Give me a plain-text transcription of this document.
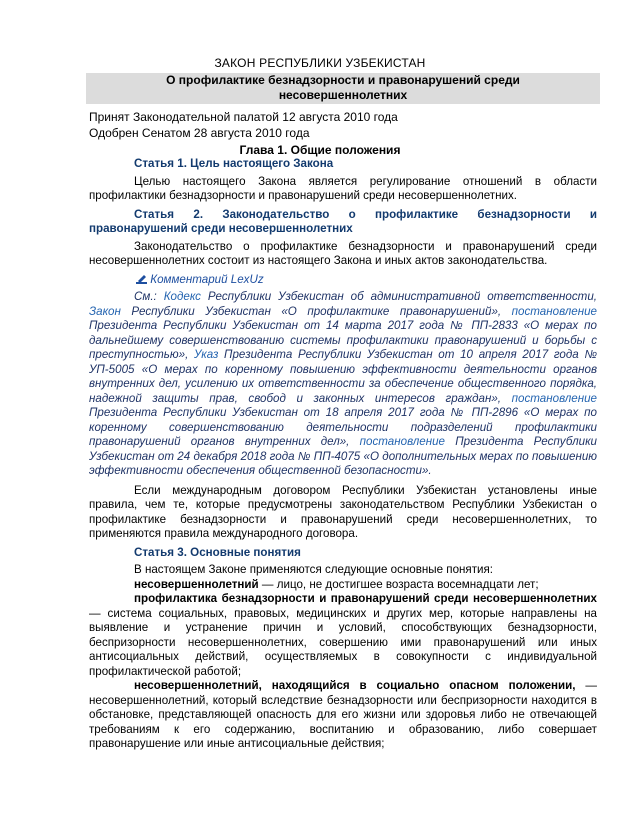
ЗАКОН РЕСПУБЛИКИ УЗБЕКИСТАН
О профилактике безнадзорности и правонарушений среди
несовершеннолетних
Принят Законодательной палатой 12 августа 2010 года
Одобрен Сенатом 28 августа 2010 года
Глава 1. Общие положения

Статья 1. Цель настоящего Закона

Целью настоящего Закона является регулирование отношений в области профилактики безнадзорности и правонарушений среди несовершеннолетних.

Статья 2. Законодательство о профилактике безнадзорности и правонарушений среди несовершеннолетних

Законодательство о профилактике безнадзорности и правонарушений среди несовершеннолетних состоит из настоящего Закона и иных актов законодательства.

Комментарий LexUz

См.: Кодекс Республики Узбекистан об административной ответственности, Закон Республики Узбекистан «О профилактике правонарушений», постановление Президента Республики Узбекистан от 14 марта 2017 года № ПП-2833 «О мерах по дальнейшему совершенствованию системы профилактики правонарушений и борьбы с преступностью», Указ Президента Республики Узбекистан от 10 апреля 2017 года № УП-5005 «О мерах по коренному повышению эффективности деятельности органов внутренних дел, усилению их ответственности за обеспечение общественного порядка, надежной защиты прав, свобод и законных интересов граждан», постановление Президента Республики Узбекистан от 18 апреля 2017 года № ПП-2896 «О мерах по коренному совершенствованию деятельности подразделений профилактики правонарушений органов внутренних дел», постановление Президента Республики Узбекистан от 24 декабря 2018 года № ПП-4075 «О дополнительных мерах по повышению эффективности обеспечения общественной безопасности».

Если международным договором Республики Узбекистан установлены иные правила, чем те, которые предусмотрены законодательством Республики Узбекистан о профилактике безнадзорности и правонарушений среди несовершеннолетних, то применяются правила международного договора.

Статья 3. Основные понятия

В настоящем Законе применяются следующие основные понятия:

несовершеннолетний — лицо, не достигшее возраста восемнадцати лет;

профилактика безнадзорности и правонарушений среди несовершеннолетних — система социальных, правовых, медицинских и других мер, которые направлены на выявление и устранение причин и условий, способствующих безнадзорности, беспризорности несовершеннолетних, совершению ими правонарушений или иных антисоциальных действий, осуществляемых в совокупности с индивидуальной профилактической работой;

несовершеннолетний, находящийся в социально опасном положении, — несовершеннолетний, который вследствие безнадзорности или беспризорности находится в обстановке, представляющей опасность для его жизни или здоровья либо не отвечающей требованиям к его содержанию, воспитанию и образованию, либо совершает правонарушение или иные антисоциальные действия;
